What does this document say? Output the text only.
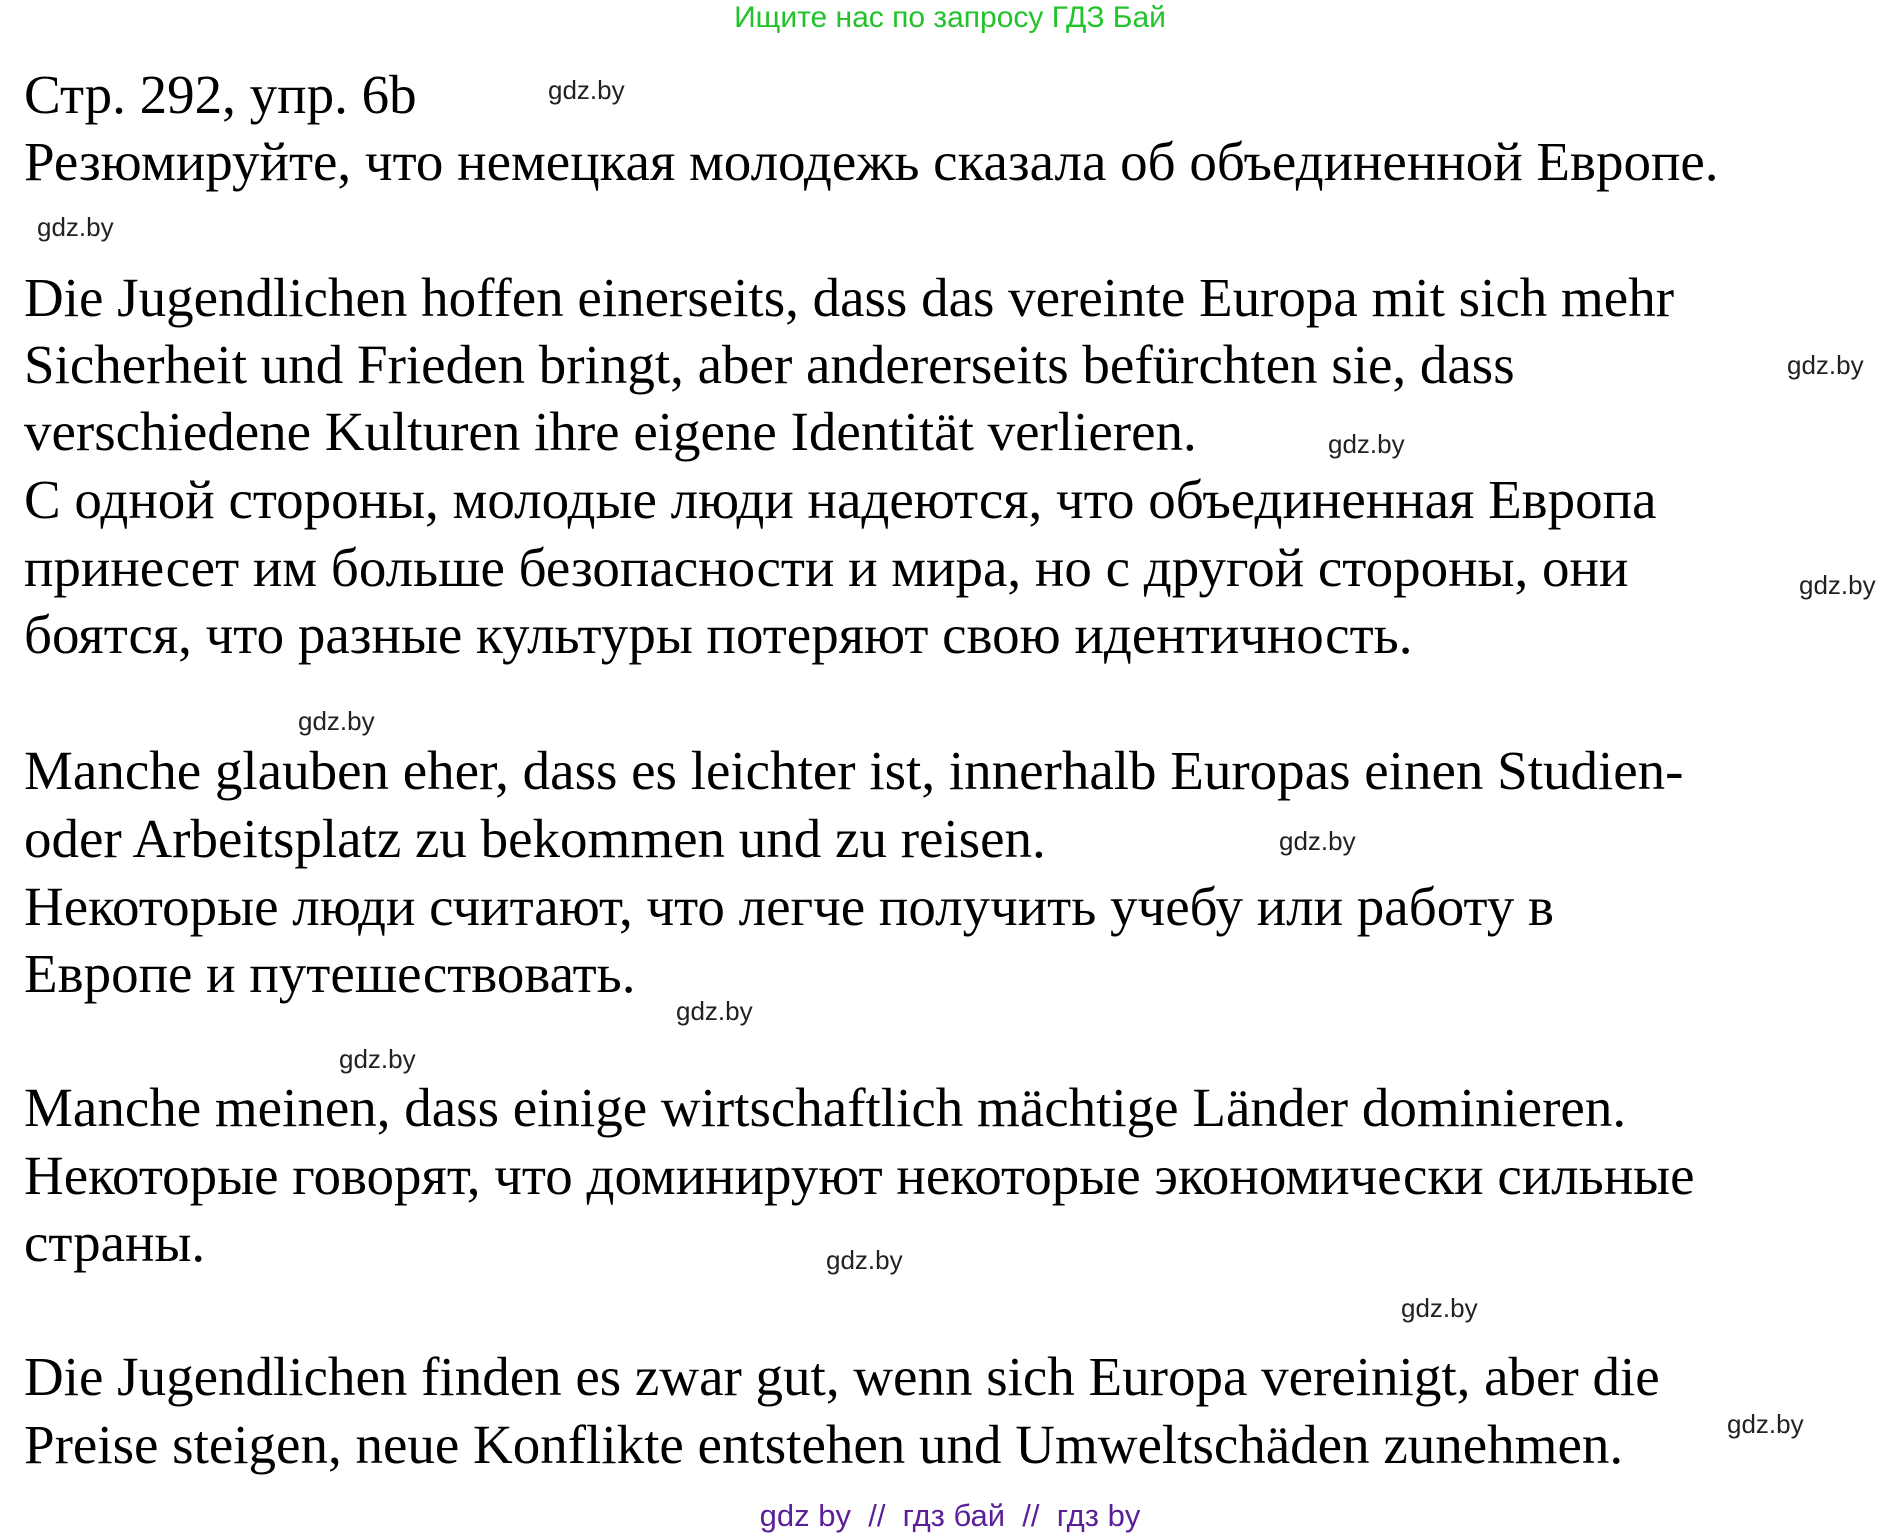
Ищите нас по запросу ГДЗ Бай
Стр. 292, упр. 6b
Резюмируйте, что немецкая молодежь сказала об объединенной Европе.
Die Jugendlichen hoffen einerseits, dass das vereinte Europa mit sich mehr
Sicherheit und Frieden bringt, aber andererseits befürchten sie, dass
verschiedene Kulturen ihre eigene Identität verlieren.
С одной стороны, молодые люди надеются, что объединенная Европа
принесет им больше безопасности и мира, но с другой стороны, они
боятся, что разные культуры потеряют свою идентичность.
Manche glauben eher, dass es leichter ist, innerhalb Europas einen Studien-
oder Arbeitsplatz zu bekommen und zu reisen.
Некоторые люди считают, что легче получить учебу или работу в
Европе и путешествовать.
Manche meinen, dass einige wirtschaftlich mächtige Länder dominieren.
Некоторые говорят, что доминируют некоторые экономически сильные
страны.
Die Jugendlichen finden es zwar gut, wenn sich Europa vereinigt, aber die
Preise steigen, neue Konflikte entstehen und Umweltschäden zunehmen.
gdz.by
gdz.by
gdz.by
gdz.by
gdz.by
gdz.by
gdz.by
gdz.by
gdz.by
gdz.by
gdz.by
gdz.by
gdz by  //  гдз бай  //  гдз by
